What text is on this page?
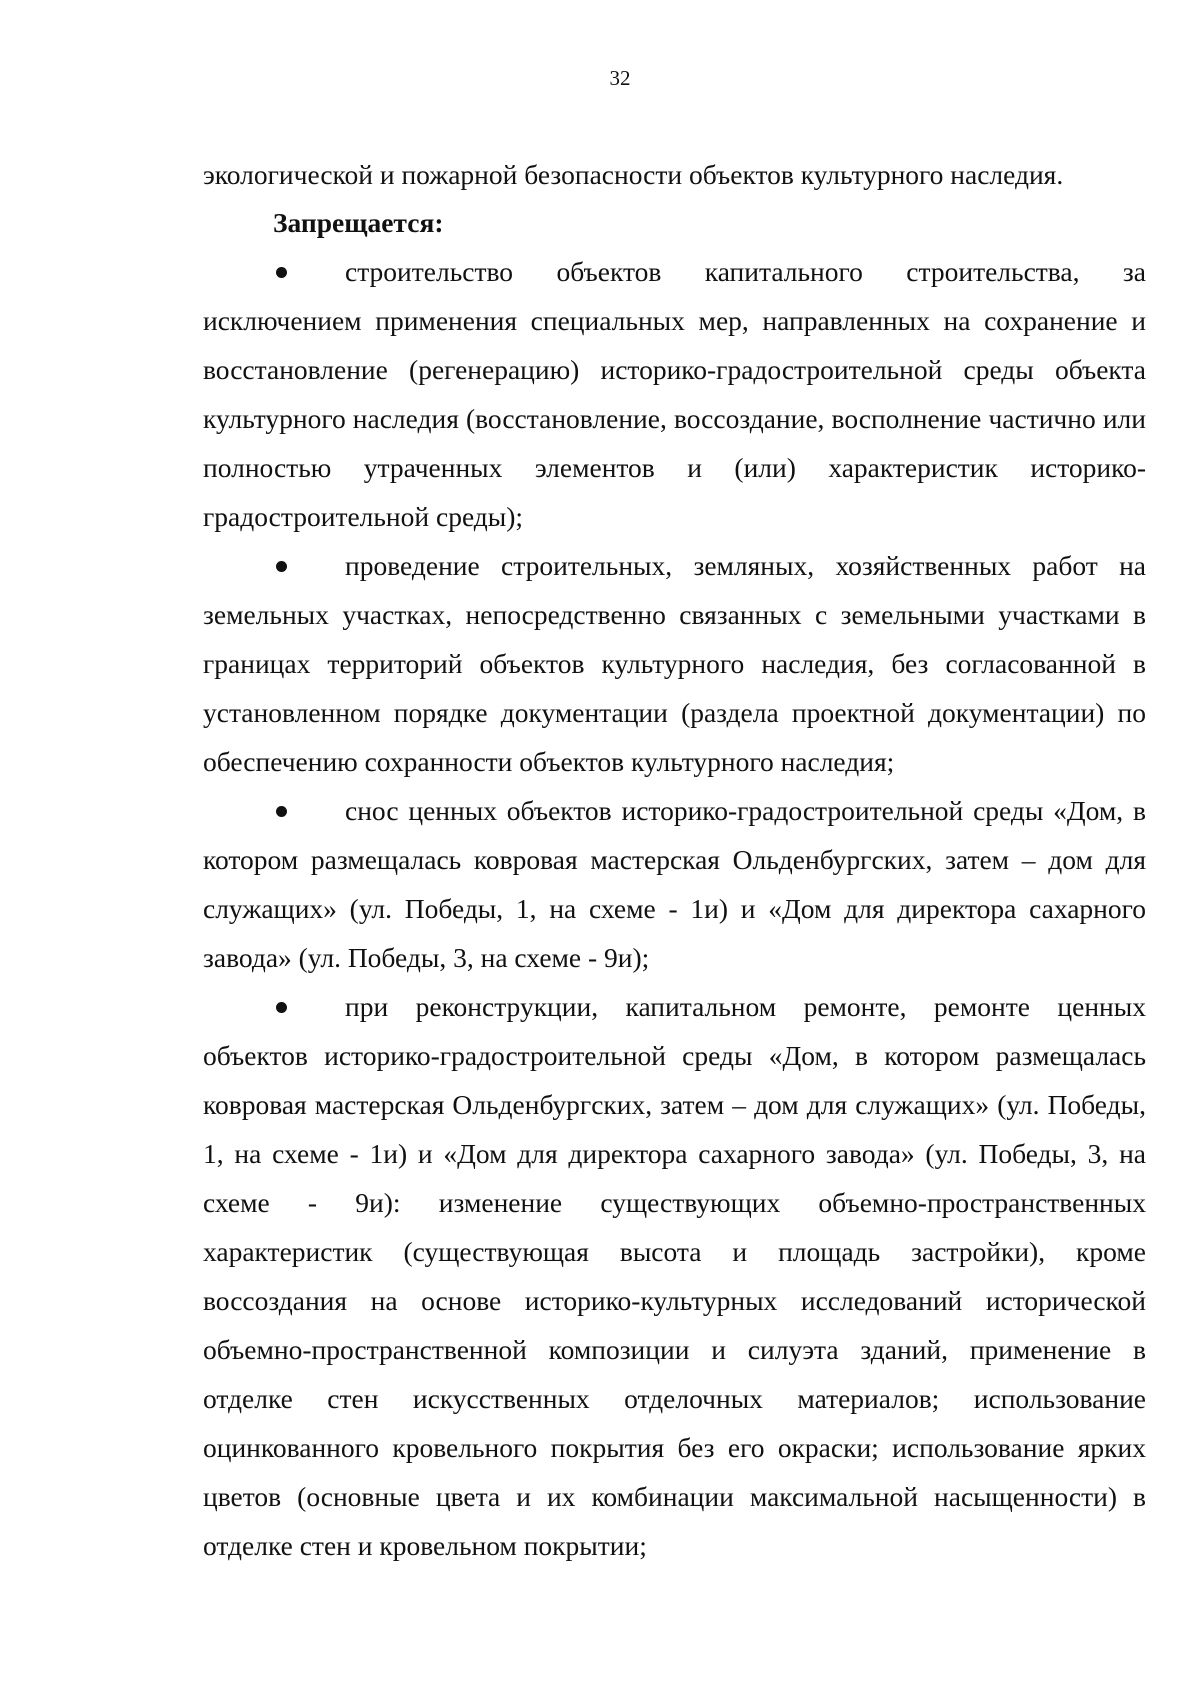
32

экологической и пожарной безопасности объектов культурного наследия.

Запрещается:

строительство объектов капитального строительства, за исключением применения специальных мер, направленных на сохранение и восстановление (регенерацию) историко-градостроительной среды объекта культурного наследия (восстановление, воссоздание, восполнение частично или полностью утраченных элементов и (или) характеристик историко-градостроительной среды);

проведение строительных, земляных, хозяйственных работ на земельных участках, непосредственно связанных с земельными участками в границах территорий объектов культурного наследия, без согласованной в установленном порядке документации (раздела проектной документации) по обеспечению сохранности объектов культурного наследия;

снос ценных объектов историко-градостроительной среды «Дом, в котором размещалась ковровая мастерская Ольденбургских, затем – дом для служащих» (ул. Победы, 1, на схеме - 1и) и «Дом для директора сахарного завода» (ул. Победы, 3, на схеме - 9и);

при реконструкции, капитальном ремонте, ремонте ценных объектов историко-градостроительной среды «Дом, в котором размещалась ковровая мастерская Ольденбургских, затем – дом для служащих» (ул. Победы, 1, на схеме - 1и) и «Дом для директора сахарного завода» (ул. Победы, 3, на схеме - 9и): изменение существующих объемно-пространственных характеристик (существующая высота и площадь застройки), кроме воссоздания на основе историко-культурных исследований исторической объемно-пространственной композиции и силуэта зданий, применение в отделке стен искусственных отделочных материалов; использование оцинкованного кровельного покрытия без его окраски; использование ярких цветов (основные цвета и их комбинации максимальной насыщенности) в отделке стен и кровельном покрытии;
